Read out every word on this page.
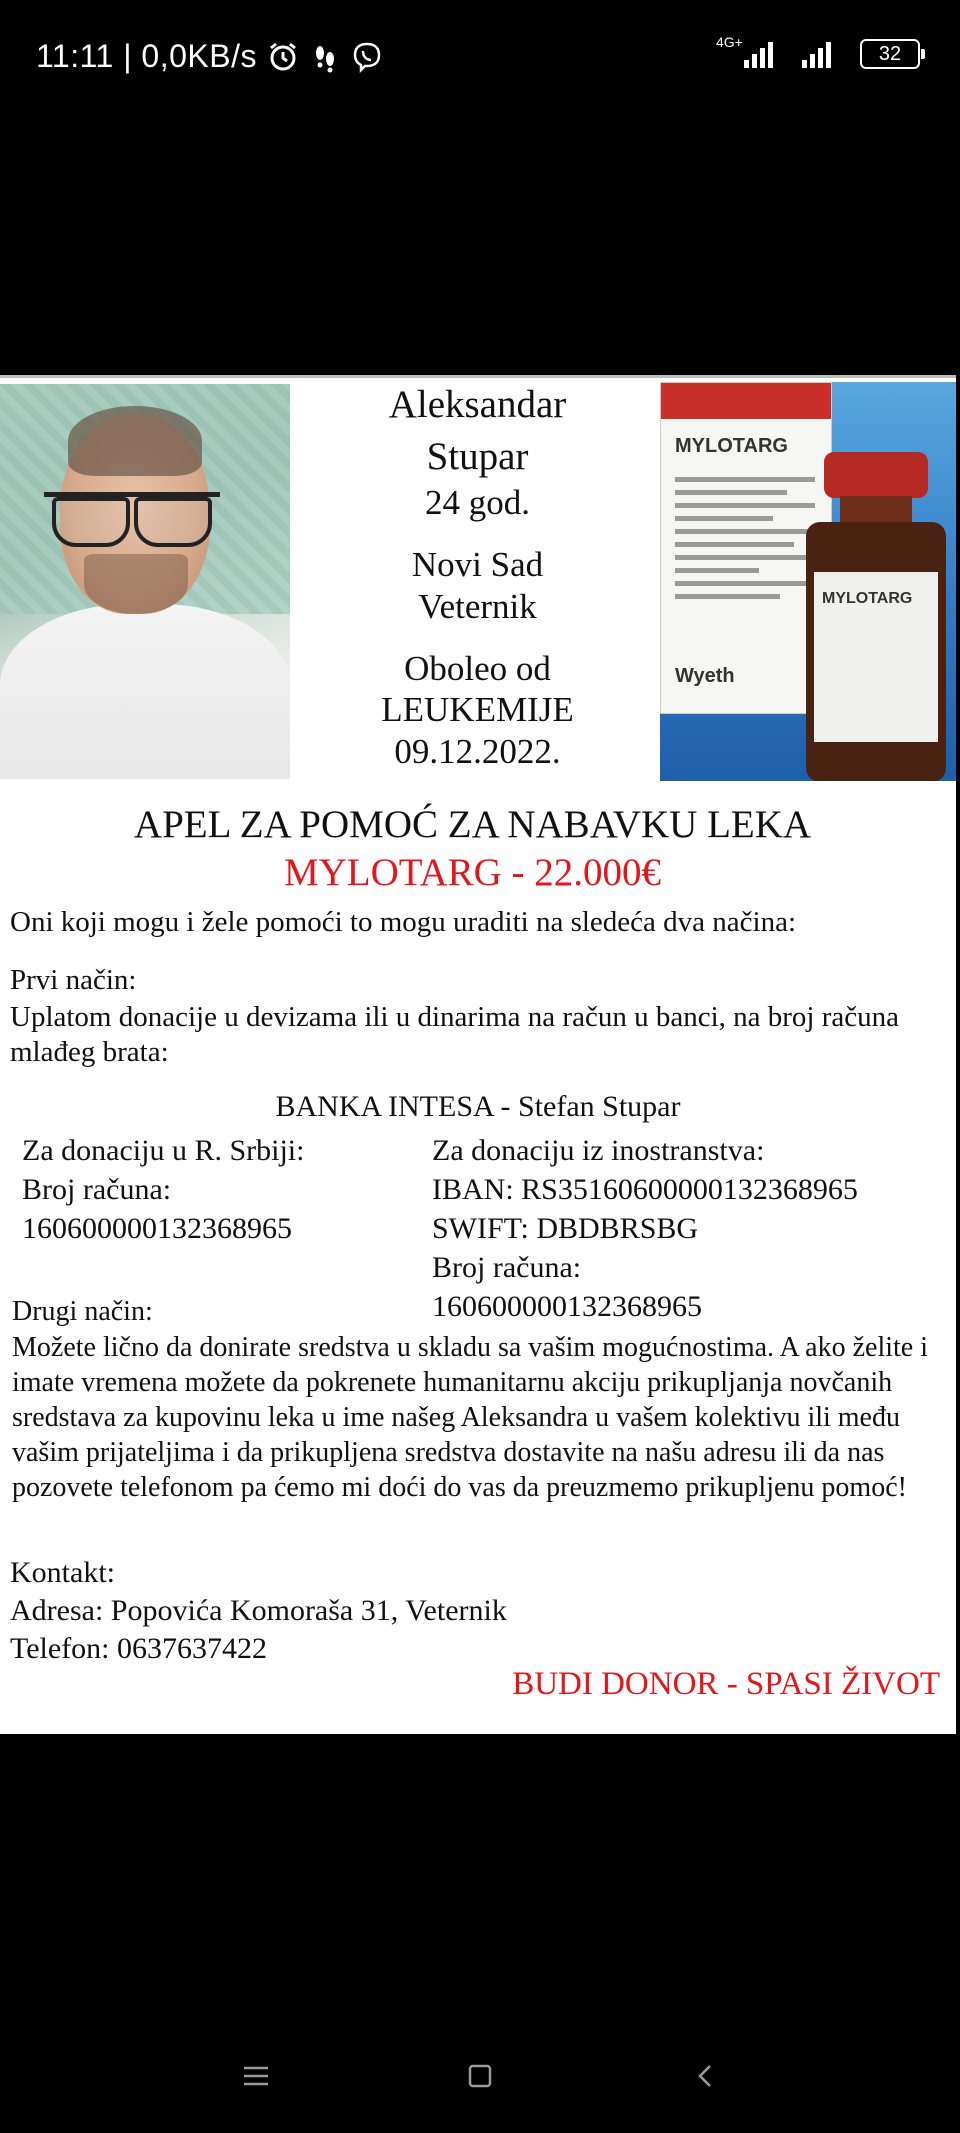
11:11 | 0,0KB/s	4G+
32
Aleksandar
Stupar
24 god.
Novi Sad
Veternik
Oboleo od
LEUKEMIJE
09.12.2022.
MYLOTARG
Wyeth
MYLOTARG
APEL ZA POMOĆ ZA NABAVKU LEKA
MYLOTARG - 22.000€
Oni koji mogu i žele pomoći to mogu uraditi na sledeća dva načina:
Prvi način:
Uplatom donacije u devizama ili u dinarima na račun u banci, na broj računa mlađeg brata:
BANKA INTESA - Stefan Stupar
Za donaciju u R. Srbiji:
Broj računa:
160600000132368965
Za donaciju iz inostranstva:
IBAN: RS35160600000132368965
SWIFT: DBDBRSBG
Broj računa:
160600000132368965
Drugi način:
Možete lično da donirate sredstva u skladu sa vašim mogućnostima. A ako želite i imate vremena možete da pokrenete humanitarnu akciju prikupljanja novčanih sredstava za kupovinu leka u ime našeg Aleksandra u vašem kolektivu ili među vašim prijateljima i da prikupljena sredstva dostavite na našu adresu ili da nas pozovete telefonom pa ćemo mi doći do vas da preuzmemo prikupljenu pomoć!
Kontakt:
Adresa: Popovića Komoraša 31, Veternik
Telefon: 0637637422
BUDI DONOR - SPASI ŽIVOT
